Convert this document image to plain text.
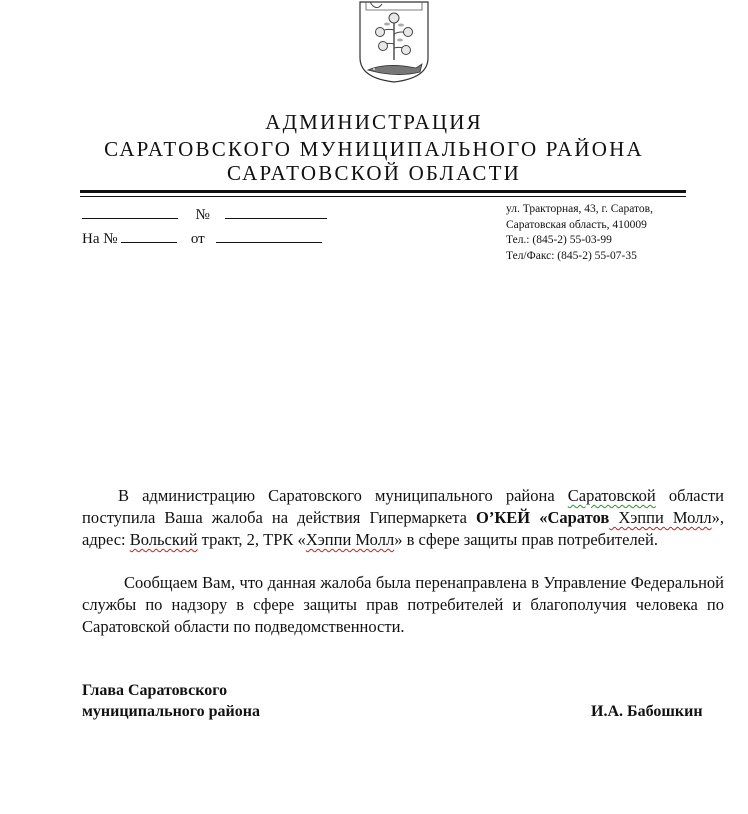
АДМИНИСТРАЦИЯ
САРАТОВСКОГО МУНИЦИПАЛЬНОГО РАЙОНА
САРАТОВСКОЙ ОБЛАСТИ
№
На №	от
ул. Тракторная, 43, г. Саратов,
Саратовская область, 410009
Тел.: (845-2) 55-03-99
Тел/Факс: (845-2) 55-07-35
В администрацию Саратовского муниципального района Саратовской области поступила Ваша жалоба на действия Гипермаркета О’КЕЙ «Саратов Хэппи Молл», адрес: Вольский тракт, 2, ТРК «Хэппи Молл» в сфере защиты прав потребителей.
Сообщаем Вам, что данная жалоба была перенаправлена в Управление Федеральной службы по надзору в сфере защиты прав потребителей и благополучия человека по Саратовской области по подведомственности.
Глава Саратовского
муниципального района	И.А. Бабошкин
